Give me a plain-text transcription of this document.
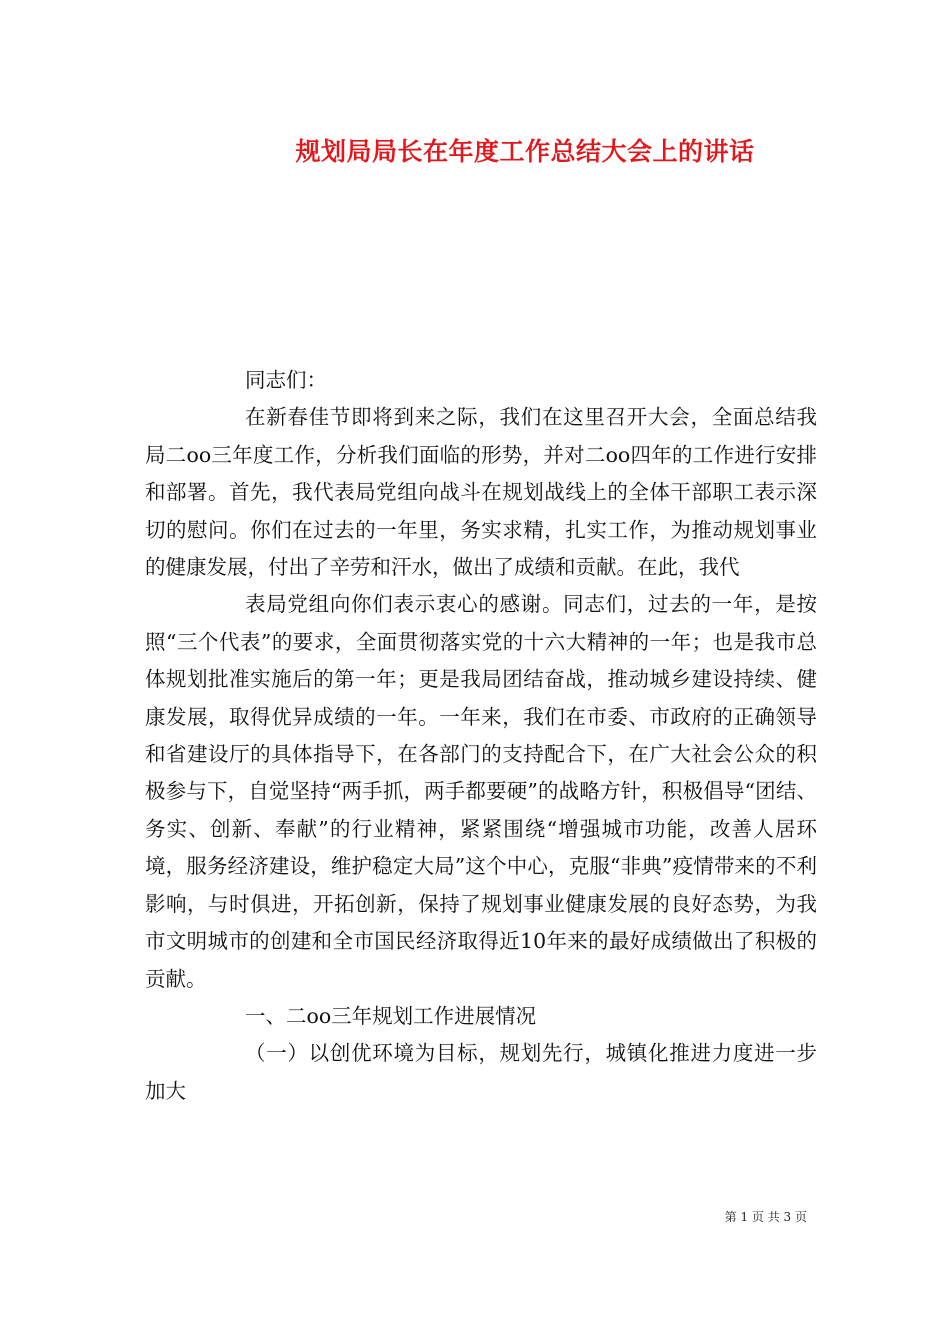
规划局局长在年度工作总结大会上的讲话

同志们：

在新春佳节即将到来之际，我们在这里召开大会，全面总结我局二oo三年度工作，分析我们面临的形势，并对二oo四年的工作进行安排和部署。首先，我代表局党组向战斗在规划战线上的全体干部职工表示深切的慰问。你们在过去的一年里，务实求精，扎实工作，为推动规划事业的健康发展，付出了辛劳和汗水，做出了成绩和贡献。在此，我代

表局党组向你们表示衷心的感谢。同志们，过去的一年，是按照“三个代表”的要求，全面贯彻落实党的十六大精神的一年；也是我市总体规划批准实施后的第一年；更是我局团结奋战，推动城乡建设持续、健康发展，取得优异成绩的一年。一年来，我们在市委、市政府的正确领导和省建设厅的具体指导下，在各部门的支持配合下，在广大社会公众的积极参与下，自觉坚持“两手抓，两手都要硬”的战略方针，积极倡导“团结、务实、创新、奉献”的行业精神，紧紧围绕“增强城市功能，改善人居环境，服务经济建设，维护稳定大局”这个中心，克服“非典”疫情带来的不利影响，与时俱进，开拓创新，保持了规划事业健康发展的良好态势，为我市文明城市的创建和全市国民经济取得近10年来的最好成绩做出了积极的贡献。

一、二oo三年规划工作进展情况

（一）以创优环境为目标，规划先行，城镇化推进力度进一步加大

第 1 页 共 3 页
